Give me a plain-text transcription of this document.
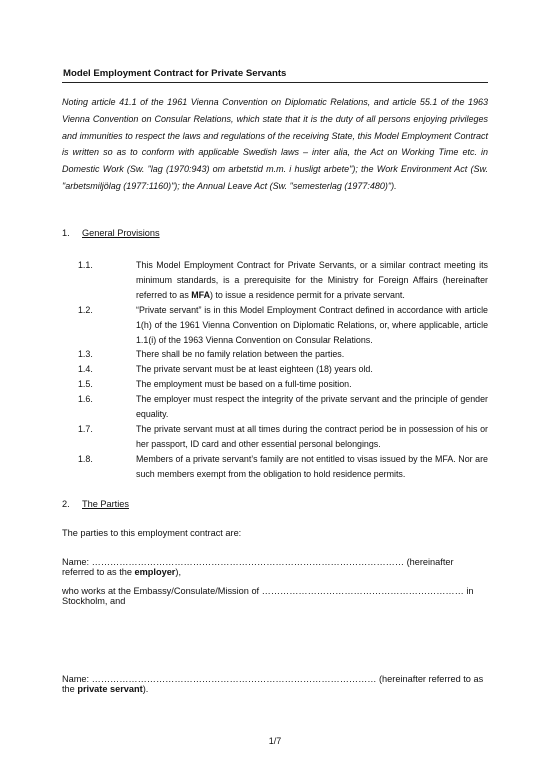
Model Employment Contract for Private Servants
Noting article 41.1 of the 1961 Vienna Convention on Diplomatic Relations, and article 55.1 of the 1963 Vienna Convention on Consular Relations, which state that it is the duty of all persons enjoying privileges and immunities to respect the laws and regulations of the receiving State, this Model Employment Contract is written so as to conform with applicable Swedish laws – inter alia, the Act on Working Time etc. in Domestic Work (Sw. "lag (1970:943) om arbetstid m.m. i husligt arbete"); the Work Environment Act (Sw. "arbetsmiljölag (1977:1160)"); the Annual Leave Act (Sw. "semesterlag (1977:480)").
1. General Provisions
1.1.	This Model Employment Contract for Private Servants, or a similar contract meeting its minimum standards, is a prerequisite for the Ministry for Foreign Affairs (hereinafter referred to as MFA) to issue a residence permit for a private servant.
1.2.	“Private servant” is in this Model Employment Contract defined in accordance with article 1(h) of the 1961 Vienna Convention on Diplomatic Relations, or, where applicable, article 1.1(i) of the 1963 Vienna Convention on Consular Relations.
1.3.	There shall be no family relation between the parties.
1.4.	The private servant must be at least eighteen (18) years old.
1.5.	The employment must be based on a full-time position.
1.6.	The employer must respect the integrity of the private servant and the principle of gender equality.
1.7.	The private servant must at all times during the contract period be in possession of his or her passport, ID card and other essential personal belongings.
1.8.	Members of a private servant’s family are not entitled to visas issued by the MFA. Nor are such members exempt from the obligation to hold residence permits.
2. The Parties
The parties to this employment contract are:
Name: ………………………………………………………………………………………… (hereinafter referred to as the employer),
who works at the Embassy/Consulate/Mission of ………………………………………………………… in Stockholm, and
Name: ………………………………………………………………………………… (hereinafter referred to as the private servant).
1/7
